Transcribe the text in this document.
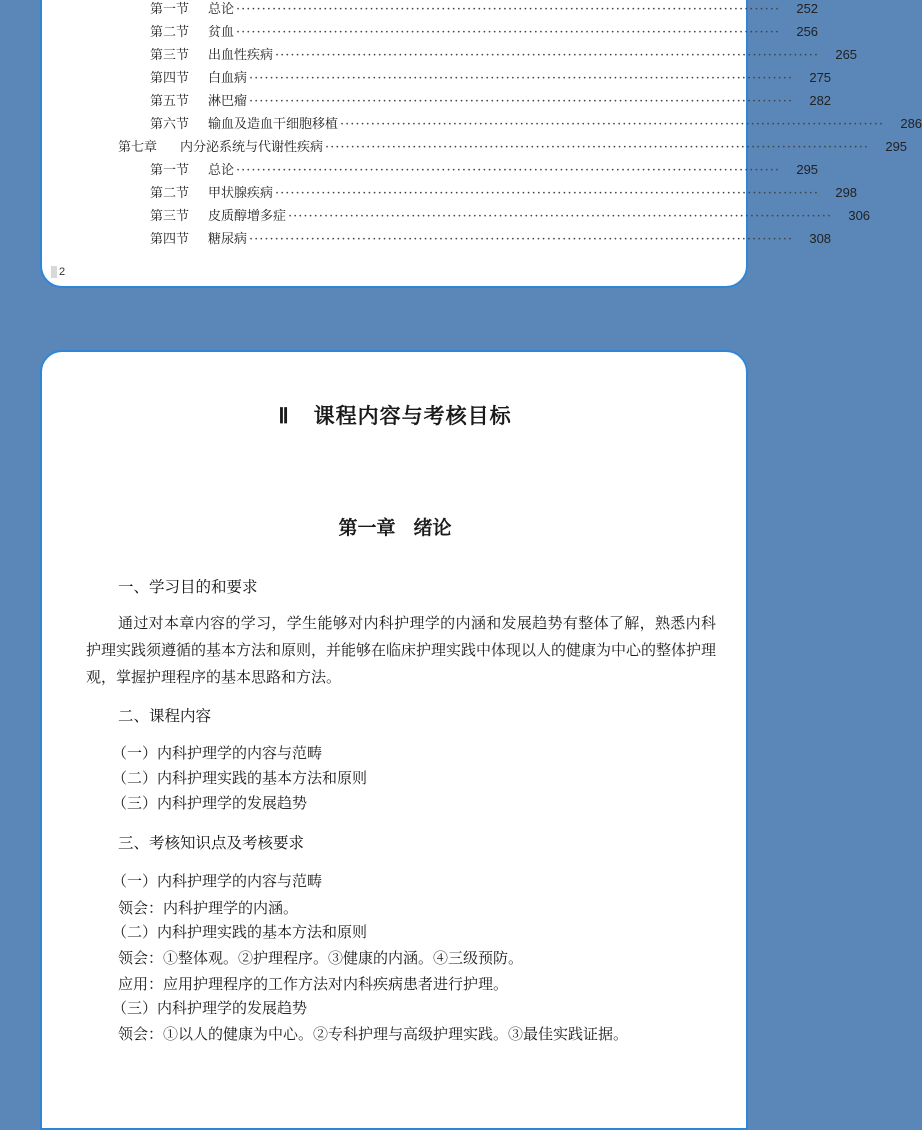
第一节	总论 ··········································································································	252
第二节	贫血 ··········································································································	256
第三节	出血性疾病 ··········································································································	265
第四节	白血病 ··········································································································	275
第五节	淋巴瘤 ··········································································································	282
第六节	输血及造血干细胞移植 ··········································································································	286
第七章	内分泌系统与代谢性疾病 ··········································································································	295
第一节	总论 ··········································································································	295
第二节	甲状腺疾病 ··········································································································	298
第三节	皮质醇增多症 ··········································································································	306
第四节	糖尿病 ··········································································································	308
2
Ⅱ 课程内容与考核目标
第一章 绪论
一、学习目的和要求
通过对本章内容的学习，学生能够对内科护理学的内涵和发展趋势有整体了解，熟悉内科护理实践须遵循的基本方法和原则，并能够在临床护理实践中体现以人的健康为中心的整体护理观，掌握护理程序的基本思路和方法。
二、课程内容
（一）内科护理学的内容与范畴
（二）内科护理实践的基本方法和原则
（三）内科护理学的发展趋势
三、考核知识点及考核要求
（一）内科护理学的内容与范畴
领会：内科护理学的内涵。
（二）内科护理实践的基本方法和原则
领会：①整体观。②护理程序。③健康的内涵。④三级预防。
应用：应用护理程序的工作方法对内科疾病患者进行护理。
（三）内科护理学的发展趋势
领会：①以人的健康为中心。②专科护理与高级护理实践。③最佳实践证据。
